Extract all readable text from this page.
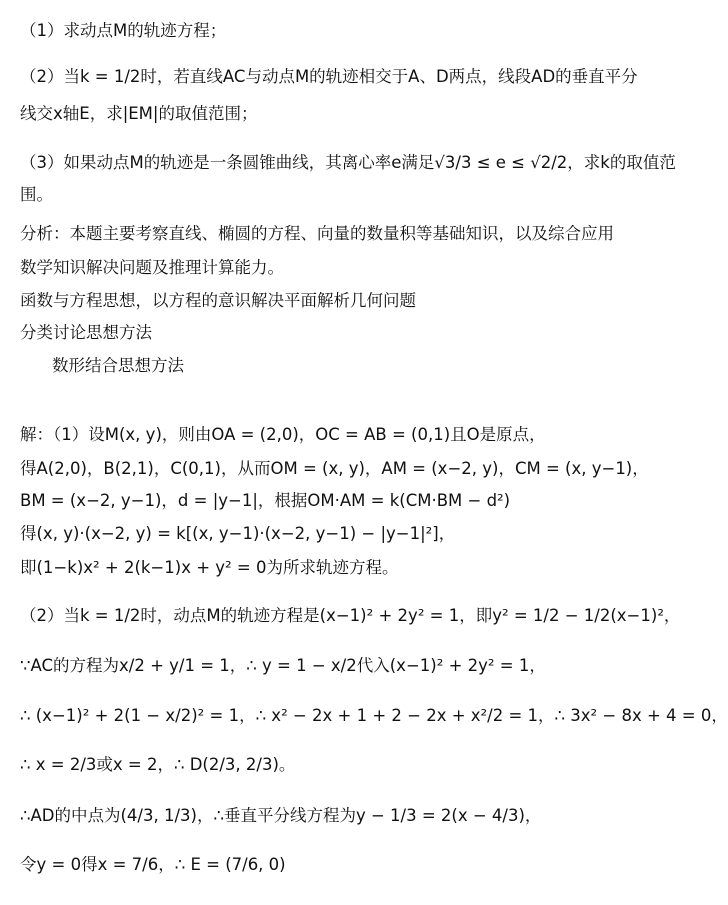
（1）求动点M的轨迹方程；
（2）当k = 1/2时，若直线AC与动点M的轨迹相交于A、D两点，线段AD的垂直平分
线交x轴E，求|EM|的取值范围；
（3）如果动点M的轨迹是一条圆锥曲线，其离心率e满足√3/3 ≤ e ≤ √2/2，求k的取值范
围。
分析：本题主要考察直线、椭圆的方程、向量的数量积等基础知识，以及综合应用
数学知识解决问题及推理计算能力。
函数与方程思想，以方程的意识解决平面解析几何问题
分类讨论思想方法
数形结合思想方法
解：（1）设M(x, y)，则由OA = (2,0)，OC = AB = (0,1)且O是原点，
得A(2,0)，B(2,1)，C(0,1)，从而OM = (x, y)，AM = (x−2, y)，CM = (x, y−1)，
BM = (x−2, y−1)，d = |y−1|，根据OM·AM = k(CM·BM − d²)
得(x, y)·(x−2, y) = k[(x, y−1)·(x−2, y−1) − |y−1|²]，
即(1−k)x² + 2(k−1)x + y² = 0为所求轨迹方程。
（2）当k = 1/2时，动点M的轨迹方程是(x−1)² + 2y² = 1，即y² = 1/2 − 1/2(x−1)²，
∵AC的方程为x/2 + y/1 = 1，∴ y = 1 − x/2代入(x−1)² + 2y² = 1，
∴ (x−1)² + 2(1 − x/2)² = 1，∴ x² − 2x + 1 + 2 − 2x + x²/2 = 1，∴ 3x² − 8x + 4 = 0，
∴ x = 2/3或x = 2，∴ D(2/3, 2/3)。
∴AD的中点为(4/3, 1/3)，∴垂直平分线方程为y − 1/3 = 2(x − 4/3)，
令y = 0得x = 7/6，∴ E = (7/6, 0)
